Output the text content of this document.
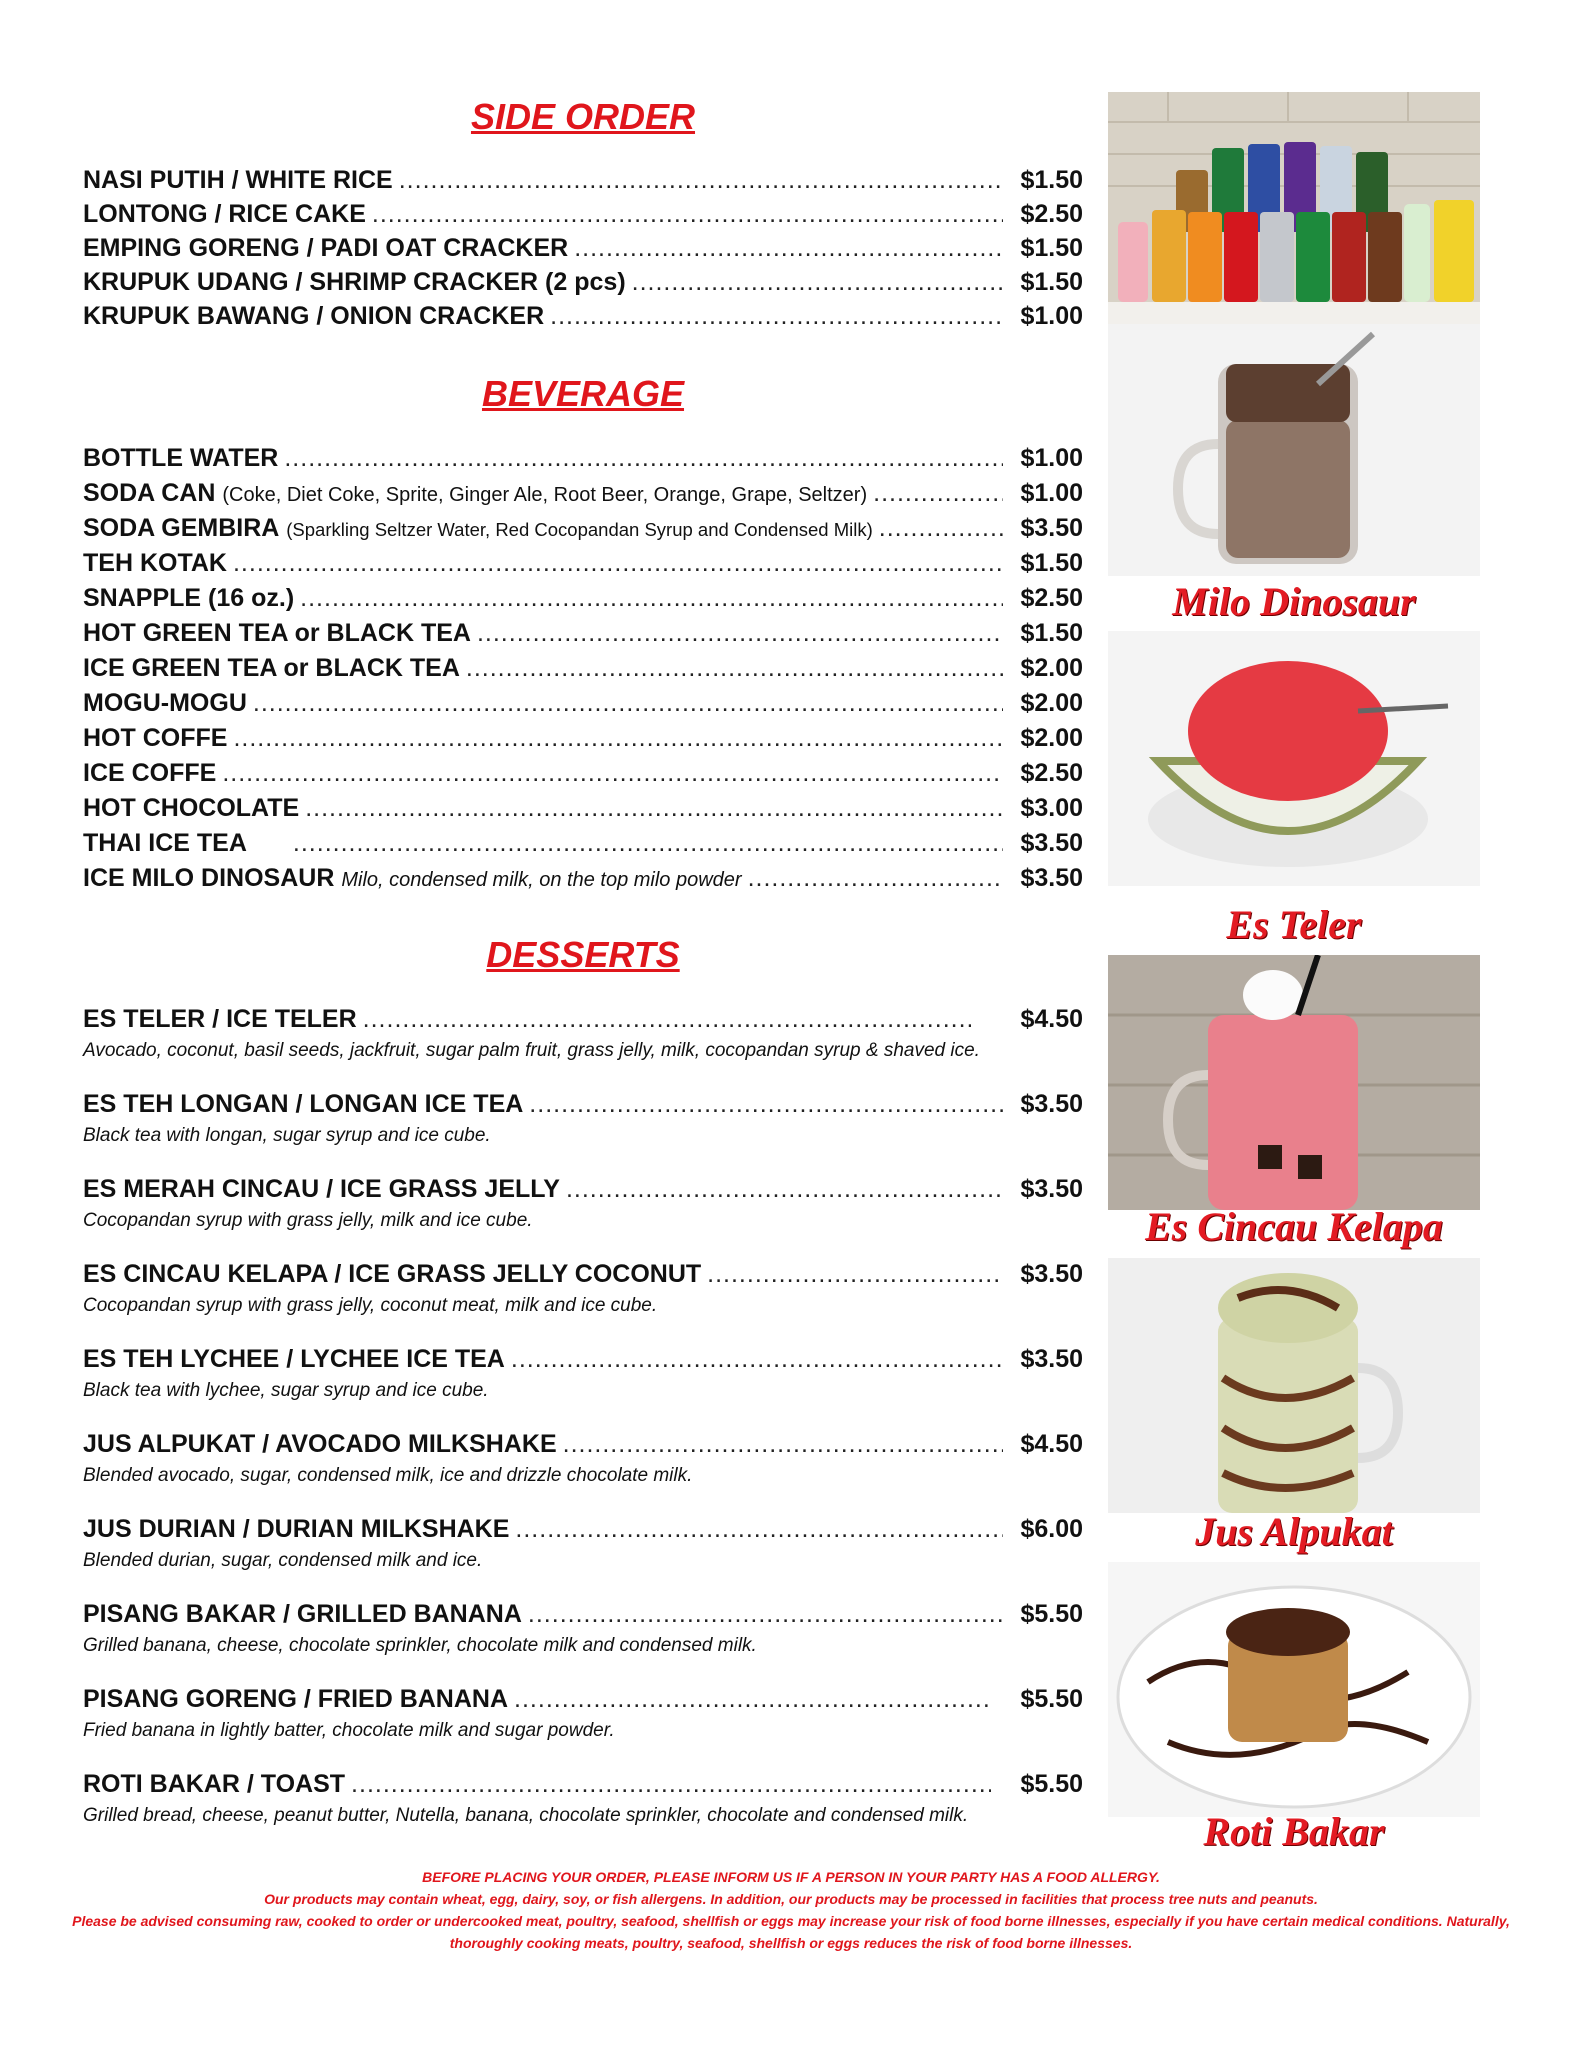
SIDE ORDER
NASI PUTIH / WHITE RICE .....	$1.50
LONTONG / RICE CAKE .....	$2.50
EMPING GORENG / PADI OAT CRACKER .....	$1.50
KRUPUK UDANG / SHRIMP CRACKER (2 pcs) .....	$1.50
KRUPUK BAWANG / ONION CRACKER .....	$1.00
BEVERAGE
BOTTLE WATER .....	$1.00
SODA CAN
(Coke, Diet Coke, Sprite, Ginger Ale, Root Beer, Orange, Grape, Seltzer) .....	$1.00
SODA GEMBIRA
(Sparkling Seltzer Water, Red Cocopandan Syrup and Condensed Milk) .....	$3.50
TEH KOTAK .....	$1.50
SNAPPLE (16 oz.) .....	$2.50
HOT GREEN TEA or BLACK TEA .....	$1.50
ICE GREEN TEA or BLACK TEA .....	$2.00
MOGU-MOGU .....	$2.00
HOT COFFE .....	$2.00
ICE COFFE .....	$2.50
HOT CHOCOLATE .....	$3.00
THAI ICE TEA .....	$3.50
ICE MILO DINOSAUR
Milo, condensed milk, on the top milo powder .....	$3.50
DESSERTS
ES TELER / ICE TELER .....	$4.50
Avocado, coconut, basil seeds, jackfruit, sugar palm fruit, grass jelly, milk, cocopandan syrup & shaved ice.
ES TEH LONGAN / LONGAN ICE TEA .....	$3.50
Black tea with longan, sugar syrup and ice cube.
ES MERAH CINCAU / ICE GRASS JELLY .....	$3.50
Cocopandan syrup with grass jelly, milk and ice cube.
ES CINCAU KELAPA / ICE GRASS JELLY COCONUT .....	$3.50
Cocopandan syrup with grass jelly, coconut meat, milk and ice cube.
ES TEH LYCHEE / LYCHEE ICE TEA .....	$3.50
Black tea with lychee, sugar syrup and ice cube.
JUS ALPUKAT / AVOCADO MILKSHAKE .....	$4.50
Blended avocado, sugar, condensed milk, ice and drizzle chocolate milk.
JUS DURIAN / DURIAN MILKSHAKE .....	$6.00
Blended durian, sugar, condensed milk and ice.
PISANG BAKAR / GRILLED BANANA .....	$5.50
Grilled banana, cheese, chocolate sprinkler, chocolate milk and condensed milk.
PISANG GORENG / FRIED BANANA .....	$5.50
Fried banana in lightly batter, chocolate milk and sugar powder.
ROTI BAKAR / TOAST .....	$5.50
Grilled bread, cheese, peanut butter, Nutella, banana, chocolate sprinkler, chocolate and condensed milk.
Milo Dinosaur
Es Teler
Es Cincau Kelapa
Jus Alpukat
Roti Bakar
BEFORE PLACING YOUR ORDER, PLEASE INFORM US IF A PERSON IN YOUR PARTY HAS A FOOD ALLERGY.
Our products may contain wheat, egg, dairy, soy, or fish allergens. In addition, our products may be processed in facilities that process tree nuts and peanuts.
Please be advised consuming raw, cooked to order or undercooked meat, poultry, seafood, shellfish or eggs may increase your risk of food borne illnesses, especially if you have certain medical conditions. Naturally, thoroughly cooking meats, poultry, seafood, shellfish or eggs reduces the risk of food borne illnesses.
